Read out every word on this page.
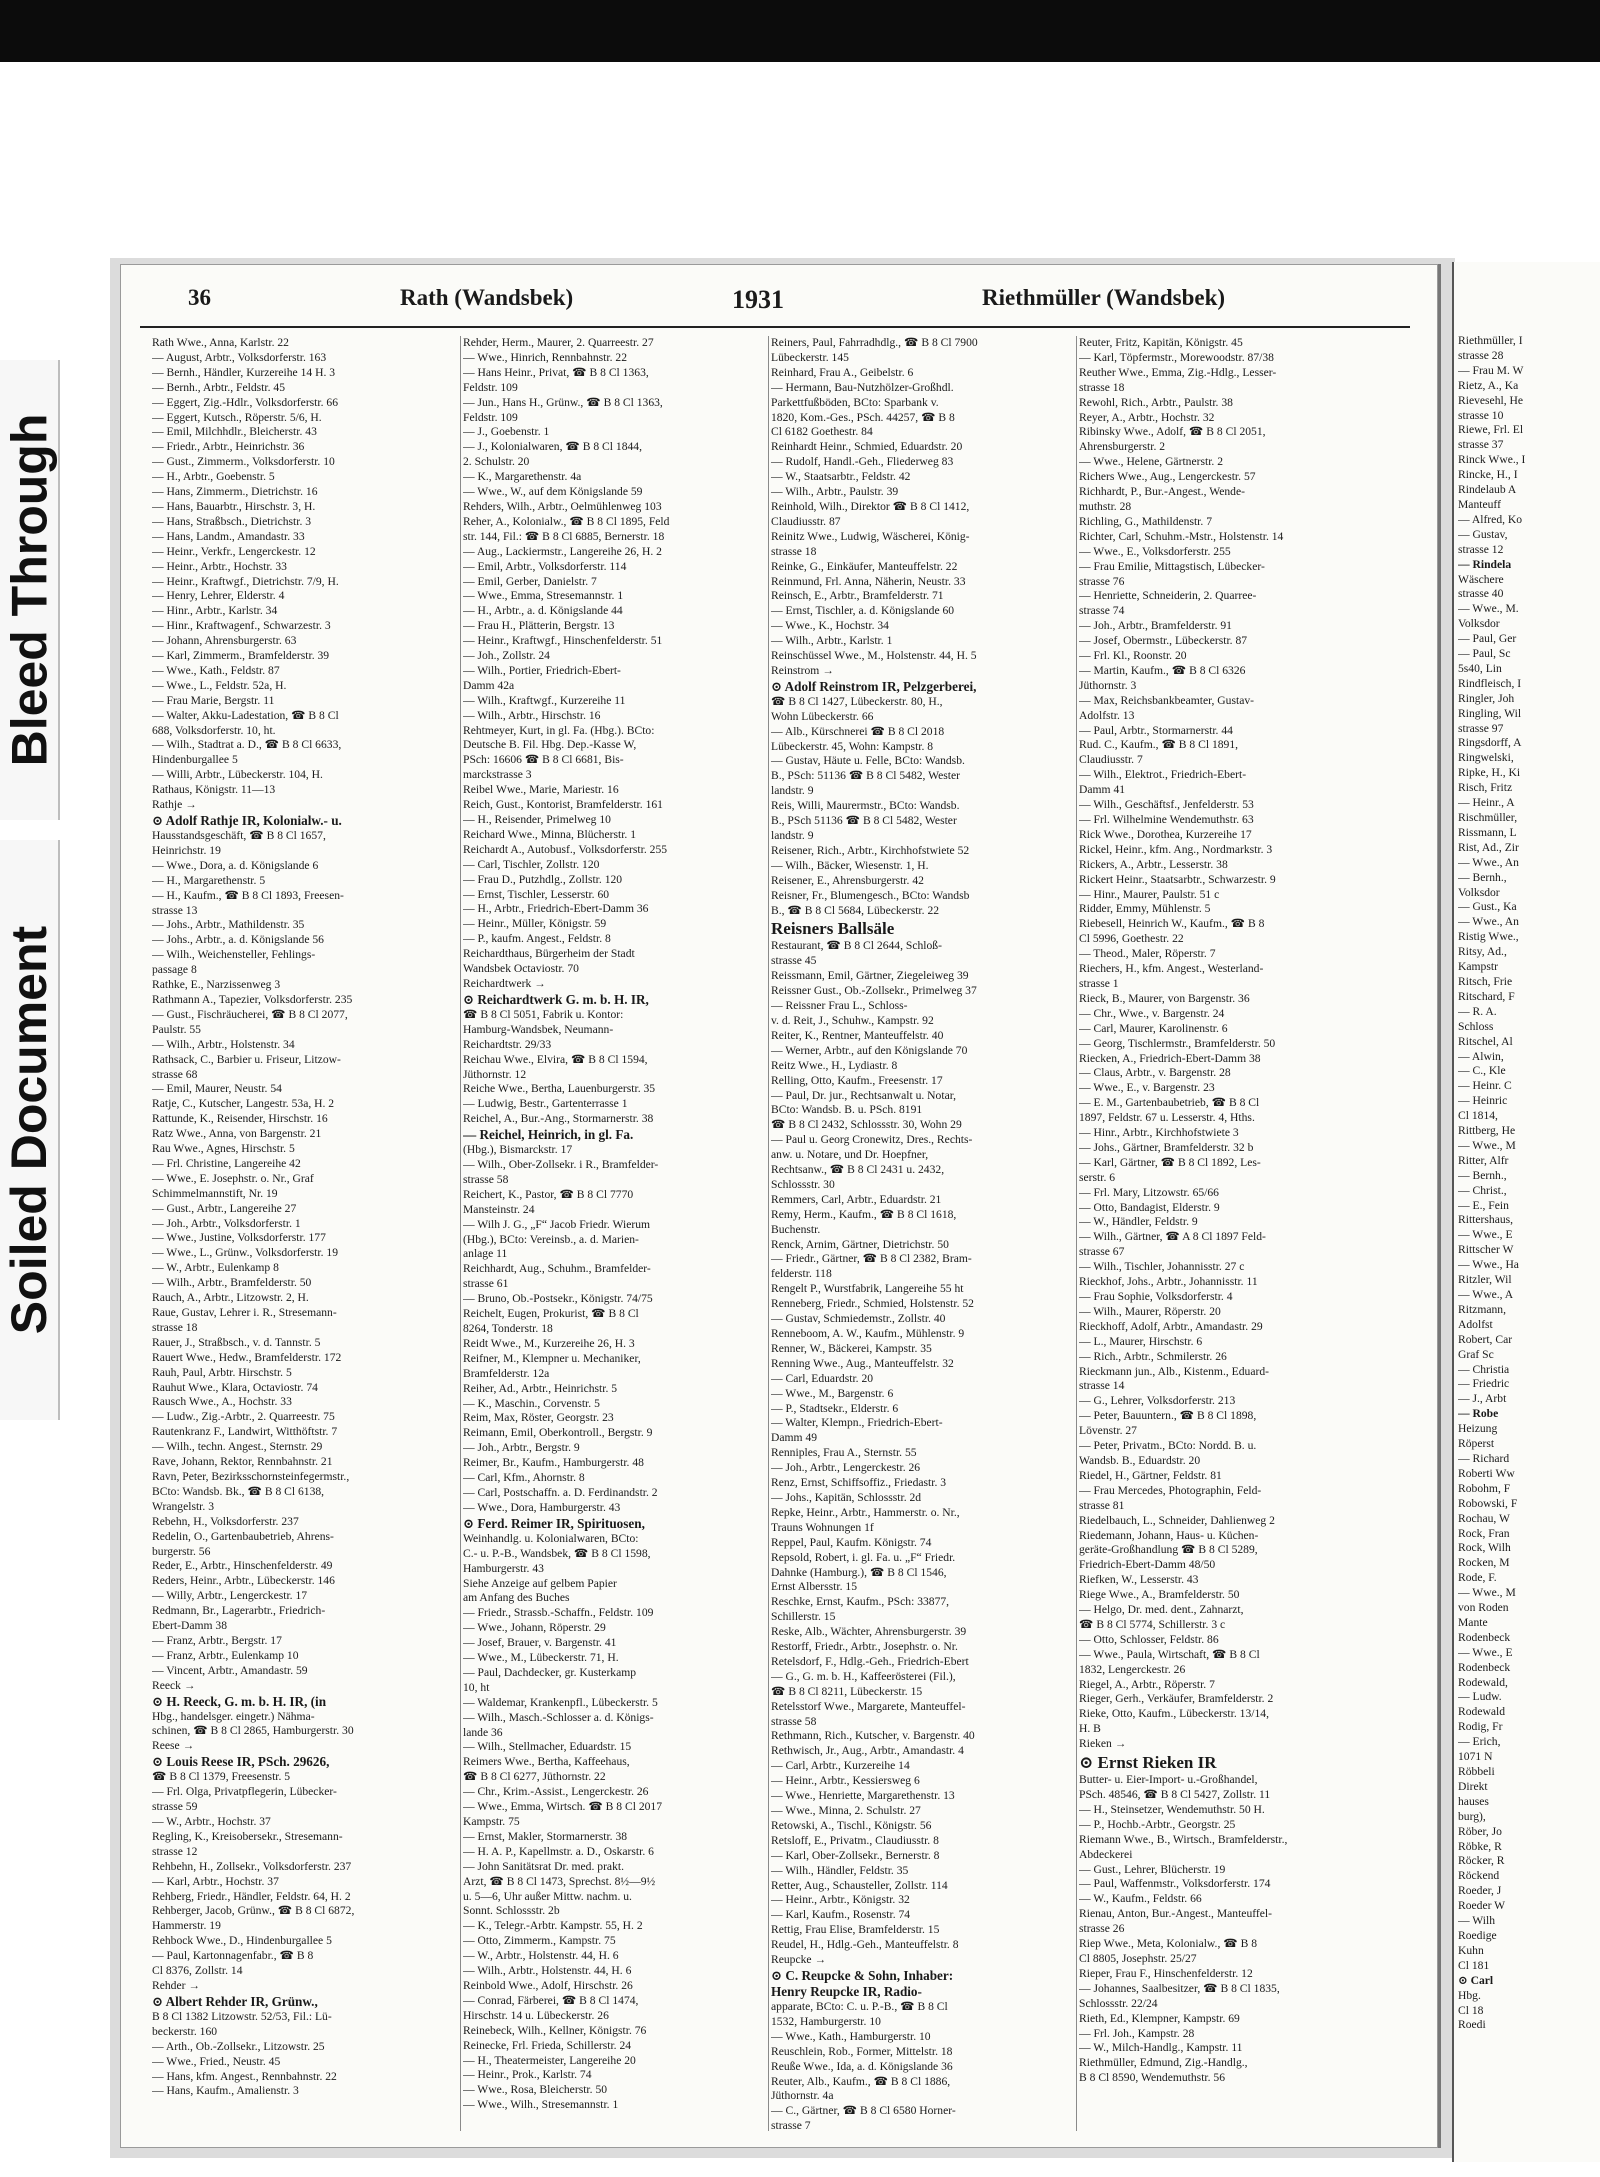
Bleed Through
Soiled Document
Riethmüller, I
strasse 28
— Frau M. W
Rietz, A., Ka
Rievesehl, He
strasse 10
Riewe, Frl. El
strasse 37
Rinck Wwe., I
Rincke, H., I
Rindelaub A
Manteuff
— Alfred, Ko
— Gustav,
strasse 12
— Rindela
Wäschere
strasse 40
— Wwe., M.
Volksdor
— Paul, Ger
— Paul, Sc
5s40, Lin
Rindfleisch, I
Ringler, Joh
Ringling, Wil
strasse 97
Ringsdorff, A
Ringwelski,
Ripke, H., Ki
Risch, Fritz
— Heinr., A
Rischmüller,
Rissmann, L
Rist, Ad., Zir
— Wwe., An
— Bernh.,
Volksdor
— Gust., Ka
— Wwe., An
Ristig Wwe.,
Ritsy, Ad.,
Kampstr
Ritsch, Frie
Ritschard, F
— R. A.
Schloss
Ritschel, Al
— Alwin,
— C., Kle
— Heinr. C
— Heinric
Cl 1814,
Rittberg, He
— Wwe., M
Ritter, Alfr
— Bernh.,
— Christ.,
— E., Fein
Rittershaus,
— Wwe., E
Rittscher W
— Wwe., Ha
Ritzler, Wil
— Wwe., A
Ritzmann,
Adolfst
Robert, Car
Graf Sc
— Christia
— Friedric
— J., Arbt
— Robe
Heizung
Röperst
— Richard
Roberti Ww
Robohm, F
Robowski, F
Rochau, W
Rock, Fran
Rock, Wilh
Rocken, M
Rode, F.
— Wwe., M
von Roden
Mante
Rodenbeck
— Wwe., E
Rodenbeck
Rodewald,
— Ludw.
Rodewald
Rodig, Fr
— Erich,
1071 N
Röbbeli
Direkt
hauses
burg),
Röber, Jo
Röbke, R
Röcker, R
Röckend
Roeder, J
Roeder W
— Wilh
Roedige
Kuhn
Cl 181
⊙ Carl
Hbg.
Cl 18
Roedi
36	Rath (Wandsbek)	1931	Riethmüller (Wandsbek)
Rath Wwe., Anna, Karlstr. 22
— August, Arbtr., Volksdorferstr. 163
— Bernh., Händler, Kurzereihe 14 H. 3
— Bernh., Arbtr., Feldstr. 45
— Eggert, Zig.-Hdlr., Volksdorferstr. 66
— Eggert, Kutsch., Röperstr. 5/6, H.
— Emil, Milchhdlr., Bleicherstr. 43
— Friedr., Arbtr., Heinrichstr. 36
— Gust., Zimmerm., Volksdorferstr. 10
— H., Arbtr., Goebenstr. 5
— Hans, Zimmerm., Dietrichstr. 16
— Hans, Bauarbtr., Hirschstr. 3, H.
— Hans, Straßbsch., Dietrichstr. 3
— Hans, Landm., Amandastr. 33
— Heinr., Verkfr., Lengerckestr. 12
— Heinr., Arbtr., Hochstr. 33
— Heinr., Kraftwgf., Dietrichstr. 7/9, H.
— Henry, Lehrer, Elderstr. 4
— Hinr., Arbtr., Karlstr. 34
— Hinr., Kraftwagenf., Schwarzestr. 3
— Johann, Ahrensburgerstr. 63
— Karl, Zimmerm., Bramfelderstr. 39
— Wwe., Kath., Feldstr. 87
— Wwe., L., Feldstr. 52a, H.
— Frau Marie, Bergstr. 11
— Walter, Akku-Ladestation, ☎ B 8 Cl
688, Volksdorferstr. 10, ht.
— Wilh., Stadtrat a. D., ☎ B 8 Cl 6633,
Hindenburgallee 5
— Willi, Arbtr., Lübeckerstr. 104, H.
Rathaus, Königstr. 11—13
Rathje →
⊙ Adolf Rathje IR, Kolonialw.- u.
Hausstandsgeschäft, ☎ B 8 Cl 1657,
Heinrichstr. 19
— Wwe., Dora, a. d. Königslande 6
— H., Margarethenstr. 5
— H., Kaufm., ☎ B 8 Cl 1893, Freesen-
strasse 13
— Johs., Arbtr., Mathildenstr. 35
— Johs., Arbtr., a. d. Königslande 56
— Wilh., Weichensteller, Fehlings-
passage 8
Rathke, E., Narzissenweg 3
Rathmann A., Tapezier, Volksdorferstr. 235
— Gust., Fischräucherei, ☎ B 8 Cl 2077,
Paulstr. 55
— Wilh., Arbtr., Holstenstr. 34
Rathsack, C., Barbier u. Friseur, Litzow-
strasse 68
— Emil, Maurer, Neustr. 54
Ratje, C., Kutscher, Langestr. 53a, H. 2
Rattunde, K., Reisender, Hirschstr. 16
Ratz Wwe., Anna, von Bargenstr. 21
Rau Wwe., Agnes, Hirschstr. 5
— Frl. Christine, Langereihe 42
— Wwe., E. Josephstr. o. Nr., Graf
Schimmelmannstift, Nr. 19
— Gust., Arbtr., Langereihe 27
— Joh., Arbtr., Volksdorferstr. 1
— Wwe., Justine, Volksdorferstr. 177
— Wwe., L., Grünw., Volksdorferstr. 19
— W., Arbtr., Eulenkamp 8
— Wilh., Arbtr., Bramfelderstr. 50
Rauch, A., Arbtr., Litzowstr. 2, H.
Raue, Gustav, Lehrer i. R., Stresemann-
strasse 18
Rauer, J., Straßbsch., v. d. Tannstr. 5
Rauert Wwe., Hedw., Bramfelderstr. 172
Rauh, Paul, Arbtr. Hirschstr. 5
Rauhut Wwe., Klara, Octaviostr. 74
Rausch Wwe., A., Hochstr. 33
— Ludw., Zig.-Arbtr., 2. Quarreestr. 75
Rautenkranz F., Landwirt, Witthöftstr. 7
— Wilh., techn. Angest., Sternstr. 29
Rave, Johann, Rektor, Rennbahnstr. 21
Ravn, Peter, Bezirksschornsteinfegermstr.,
BCto: Wandsb. Bk., ☎ B 8 Cl 6138,
Wrangelstr. 3
Rebehn, H., Volksdorferstr. 237
Redelin, O., Gartenbaubetrieb, Ahrens-
burgerstr. 56
Reder, E., Arbtr., Hinschenfelderstr. 49
Reders, Heinr., Arbtr., Lübeckerstr. 146
— Willy, Arbtr., Lengerckestr. 17
Redmann, Br., Lagerarbtr., Friedrich-
Ebert-Damm 38
— Franz, Arbtr., Bergstr. 17
— Franz, Arbtr., Eulenkamp 10
— Vincent, Arbtr., Amandastr. 59
Reeck →
⊙ H. Reeck, G. m. b. H. IR, (in
Hbg., handelsger. eingetr.) Nähma-
schinen, ☎ B 8 Cl 2865, Hamburgerstr. 30
Reese →
⊙ Louis Reese IR, PSch. 29626,
☎ B 8 Cl 1379, Freesenstr. 5
— Frl. Olga, Privatpflegerin, Lübecker-
strasse 59
— W., Arbtr., Hochstr. 37
Regling, K., Kreisobersekr., Stresemann-
strasse 12
Rehbehn, H., Zollsekr., Volksdorferstr. 237
— Karl, Arbtr., Hochstr. 37
Rehberg, Friedr., Händler, Feldstr. 64, H. 2
Rehberger, Jacob, Grünw., ☎ B 8 Cl 6872,
Hammerstr. 19
Rehbock Wwe., D., Hindenburgallee 5
— Paul, Kartonnagenfabr., ☎ B 8
Cl 8376, Zollstr. 14
Rehder →
⊙ Albert Rehder IR, Grünw.,
B 8 Cl 1382 Litzowstr. 52/53, Fil.: Lü-
beckerstr. 160
— Arth., Ob.-Zollsekr., Litzowstr. 25
— Wwe., Fried., Neustr. 45
— Hans, kfm. Angest., Rennbahnstr. 22
— Hans, Kaufm., Amalienstr. 3
Rehder, Herm., Maurer, 2. Quarreestr. 27
— Wwe., Hinrich, Rennbahnstr. 22
— Hans Heinr., Privat, ☎ B 8 Cl 1363,
Feldstr. 109
— Jun., Hans H., Grünw., ☎ B 8 Cl 1363,
Feldstr. 109
— J., Goebenstr. 1
— J., Kolonialwaren, ☎ B 8 Cl 1844,
2. Schulstr. 20
— K., Margarethenstr. 4a
— Wwe., W., auf dem Königslande 59
Rehders, Wilh., Arbtr., Oelmühlenweg 103
Reher, A., Kolonialw., ☎ B 8 Cl 1895, Feld
str. 144, Fil.: ☎ B 8 Cl 6885, Bernerstr. 18
— Aug., Lackiermstr., Langereihe 26, H. 2
— Emil, Arbtr., Volksdorferstr. 114
— Emil, Gerber, Danielstr. 7
— Wwe., Emma, Stresemannstr. 1
— H., Arbtr., a. d. Königslande 44
— Frau H., Plätterin, Bergstr. 13
— Heinr., Kraftwgf., Hinschenfelderstr. 51
— Joh., Zollstr. 24
— Wilh., Portier, Friedrich-Ebert-
Damm 42a
— Wilh., Kraftwgf., Kurzereihe 11
— Wilh., Arbtr., Hirschstr. 16
Rehtmeyer, Kurt, in gl. Fa. (Hbg.). BCto:
Deutsche B. Fil. Hbg. Dep.-Kasse W,
PSch: 16606 ☎ B 8 Cl 6681, Bis-
marckstrasse 3
Reibel Wwe., Marie, Mariestr. 16
Reich, Gust., Kontorist, Bramfelderstr. 161
— H., Reisender, Primelweg 10
Reichard Wwe., Minna, Blücherstr. 1
Reichardt A., Autobusf., Volksdorferstr. 255
— Carl, Tischler, Zollstr. 120
— Frau D., Putzhdlg., Zollstr. 120
— Ernst, Tischler, Lesserstr. 60
— H., Arbtr., Friedrich-Ebert-Damm 36
— Heinr., Müller, Königstr. 59
— P., kaufm. Angest., Feldstr. 8
Reichardthaus, Bürgerheim der Stadt
Wandsbek Octaviostr. 70
Reichardtwerk →
⊙ Reichardtwerk G. m. b. H. IR,
☎ B 8 Cl 5051, Fabrik u. Kontor:
Hamburg-Wandsbek, Neumann-
Reichardtstr. 29/33
Reichau Wwe., Elvira, ☎ B 8 Cl 1594,
Jüthornstr. 12
Reiche Wwe., Bertha, Lauenburgerstr. 35
— Ludwig, Bestr., Gartenterrasse 1
Reichel, A., Bur.-Ang., Stormarnerstr. 38
— Reichel, Heinrich, in gl. Fa.
(Hbg.), Bismarckstr. 17
— Wilh., Ober-Zollsekr. i R., Bramfelder-
strasse 58
Reichert, K., Pastor, ☎ B 8 Cl 7770
Mansteinstr. 24
— Wilh J. G., „F“ Jacob Friedr. Wierum
(Hbg.), BCto: Vereinsb., a. d. Marien-
anlage 11
Reichhardt, Aug., Schuhm., Bramfelder-
strasse 61
— Bruno, Ob.-Postsekr., Königstr. 74/75
Reichelt, Eugen, Prokurist, ☎ B 8 Cl
8264, Tonderstr. 18
Reidt Wwe., M., Kurzereihe 26, H. 3
Reifner, M., Klempner u. Mechaniker,
Bramfelderstr. 12a
Reiher, Ad., Arbtr., Heinrichstr. 5
— K., Maschin., Corvenstr. 5
Reim, Max, Röster, Georgstr. 23
Reimann, Emil, Oberkontroll., Bergstr. 9
— Joh., Arbtr., Bergstr. 9
Reimer, Br., Kaufm., Hamburgerstr. 48
— Carl, Kfm., Ahornstr. 8
— Carl, Postschaffn. a. D. Ferdinandstr. 2
— Wwe., Dora, Hamburgerstr. 43
⊙ Ferd. Reimer IR, Spirituosen,
Weinhandlg. u. Kolonialwaren, BCto:
C.- u. P.-B., Wandsbek, ☎ B 8 Cl 1598,
Hamburgerstr. 43
Siehe Anzeige auf gelbem Papier
am Anfang des Buches
— Friedr., Strassb.-Schaffn., Feldstr. 109
— Wwe., Johann, Röperstr. 29
— Josef, Brauer, v. Bargenstr. 41
— Wwe., M., Lübeckerstr. 71, H.
— Paul, Dachdecker, gr. Kusterkamp
10, ht
— Waldemar, Krankenpfl., Lübeckerstr. 5
— Wilh., Masch.-Schlosser a. d. Königs-
lande 36
— Wilh., Stellmacher, Eduardstr. 15
Reimers Wwe., Bertha, Kaffeehaus,
☎ B 8 Cl 6277, Jüthornstr. 22
— Chr., Krim.-Assist., Lengerckestr. 26
— Wwe., Emma, Wirtsch. ☎ B 8 Cl 2017
Kampstr. 75
— Ernst, Makler, Stormarnerstr. 38
— H. A. P., Kapellmstr. a. D., Oskarstr. 6
— John Sanitätsrat Dr. med. prakt.
Arzt, ☎ B 8 Cl 1473, Sprechst. 8½—9½
u. 5—6, Uhr außer Mittw. nachm. u.
Sonnt. Schlossstr. 2b
— K., Telegr.-Arbtr. Kampstr. 55, H. 2
— Otto, Zimmerm., Kampstr. 75
— W., Arbtr., Holstenstr. 44, H. 6
— Wilh., Arbtr., Holstenstr. 44, H. 6
Reinbold Wwe., Adolf, Hirschstr. 26
— Conrad, Färberei, ☎ B 8 Cl 1474,
Hirschstr. 14 u. Lübeckerstr. 26
Reinebeck, Wilh., Kellner, Königstr. 76
Reinecke, Frl. Frieda, Schillerstr. 24
— H., Theatermeister, Langereihe 20
— Heinr., Prok., Karlstr. 74
— Wwe., Rosa, Bleicherstr. 50
— Wwe., Wilh., Stresemannstr. 1
Reiners, Paul, Fahrradhdlg., ☎ B 8 Cl 7900
Lübeckerstr. 145
Reinhard, Frau A., Geibelstr. 6
— Hermann, Bau-Nutzhölzer-Großhdl.
Parkettfußböden, BCto: Sparbank v.
1820, Kom.-Ges., PSch. 44257, ☎ B 8
Cl 6182 Goethestr. 84
Reinhardt Heinr., Schmied, Eduardstr. 20
— Rudolf, Handl.-Geh., Fliederweg 83
— W., Staatsarbtr., Feldstr. 42
— Wilh., Arbtr., Paulstr. 39
Reinhold, Wilh., Direktor ☎ B 8 Cl 1412,
Claudiusstr. 87
Reinitz Wwe., Ludwig, Wäscherei, König-
strasse 18
Reinke, G., Einkäufer, Manteuffelstr. 22
Reinmund, Frl. Anna, Näherin, Neustr. 33
Reinsch, E., Arbtr., Bramfelderstr. 71
— Ernst, Tischler, a. d. Königslande 60
— Wwe., K., Hochstr. 34
— Wilh., Arbtr., Karlstr. 1
Reinschüssel Wwe., M., Holstenstr. 44, H. 5
Reinstrom →
⊙ Adolf Reinstrom IR, Pelzgerberei,
☎ B 8 Cl 1427, Lübeckerstr. 80, H.,
Wohn Lübeckerstr. 66
— Alb., Kürschnerei ☎ B 8 Cl 2018
Lübeckerstr. 45, Wohn: Kampstr. 8
— Gustav, Häute u. Felle, BCto: Wandsb.
B., PSch: 51136 ☎ B 8 Cl 5482, Wester
landstr. 9
Reis, Willi, Maurermstr., BCto: Wandsb.
B., PSch 51136 ☎ B 8 Cl 5482, Wester
landstr. 9
Reisener, Rich., Arbtr., Kirchhofstwiete 52
— Wilh., Bäcker, Wiesenstr. 1, H.
Reisener, E., Ahrensburgerstr. 42
Reisner, Fr., Blumengesch., BCto: Wandsb
B., ☎ B 8 Cl 5684, Lübeckerstr. 22
Reisners Ballsäle
Restaurant, ☎ B 8 Cl 2644, Schloß-
strasse 45
Reissmann, Emil, Gärtner, Ziegeleiweg 39
Reissner Gust., Ob.-Zollsekr., Primelweg 37
— Reissner Frau L., Schloss-
v. d. Reit, J., Schuhw., Kampstr. 92
Reiter, K., Rentner, Manteuffelstr. 40
— Werner, Arbtr., auf den Königslande 70
Reitz Wwe., H., Lydiastr. 8
Relling, Otto, Kaufm., Freesenstr. 17
— Paul, Dr. jur., Rechtsanwalt u. Notar,
BCto: Wandsb. B. u. PSch. 8191
☎ B 8 Cl 2432, Schlossstr. 30, Wohn 29
— Paul u. Georg Cronewitz, Dres., Rechts-
anw. u. Notare, und Dr. Hoepfner,
Rechtsanw., ☎ B 8 Cl 2431 u. 2432,
Schlossstr. 30
Remmers, Carl, Arbtr., Eduardstr. 21
Remy, Herm., Kaufm., ☎ B 8 Cl 1618,
Buchenstr.
Renck, Arnim, Gärtner, Dietrichstr. 50
— Friedr., Gärtner, ☎ B 8 Cl 2382, Bram-
felderstr. 118
Rengelt P., Wurstfabrik, Langereihe 55 ht
Renneberg, Friedr., Schmied, Holstenstr. 52
— Gustav, Schmiedemstr., Zollstr. 40
Renneboom, A. W., Kaufm., Mühlenstr. 9
Renner, W., Bäckerei, Kampstr. 35
Renning Wwe., Aug., Manteuffelstr. 32
— Carl, Eduardstr. 20
— Wwe., M., Bargenstr. 6
— P., Stadtsekr., Elderstr. 6
— Walter, Klempn., Friedrich-Ebert-
Damm 49
Renniples, Frau A., Sternstr. 55
— Joh., Arbtr., Lengerckestr. 26
Renz, Ernst, Schiffsoffiz., Friedastr. 3
— Johs., Kapitän, Schlossstr. 2d
Repke, Heinr., Arbtr., Hammerstr. o. Nr.,
Trauns Wohnungen 1f
Reppel, Paul, Kaufm. Königstr. 74
Repsold, Robert, i. gl. Fa. u. „F“ Friedr.
Dahnke (Hamburg.), ☎ B 8 Cl 1546,
Ernst Albersstr. 15
Reschke, Ernst, Kaufm., PSch: 33877,
Schillerstr. 15
Reske, Alb., Wächter, Ahrensburgerstr. 39
Restorff, Friedr., Arbtr., Josephstr. o. Nr.
Retelsdorf, F., Hdlg.-Geh., Friedrich-Ebert
— G., G. m. b. H., Kaffeerösterei (Fil.),
☎ B 8 Cl 8211, Lübeckerstr. 15
Retelsstorf Wwe., Margarete, Manteuffel-
strasse 58
Rethmann, Rich., Kutscher, v. Bargenstr. 40
Rethwisch, Jr., Aug., Arbtr., Amandastr. 4
— Carl, Arbtr., Kurzereihe 14
— Heinr., Arbtr., Kessiersweg 6
— Wwe., Henriette, Margarethenstr. 13
— Wwe., Minna, 2. Schulstr. 27
Retowski, A., Tischl., Königstr. 56
Retsloff, E., Privatm., Claudiusstr. 8
— Karl, Ober-Zollsekr., Bernerstr. 8
— Wilh., Händler, Feldstr. 35
Retter, Aug., Schausteller, Zollstr. 114
— Heinr., Arbtr., Königstr. 32
— Karl, Kaufm., Rosenstr. 74
Rettig, Frau Elise, Bramfelderstr. 15
Reudel, H., Hdlg.-Geh., Manteuffelstr. 8
Reupcke →
⊙ C. Reupcke & Sohn, Inhaber:
Henry Reupcke IR, Radio-
apparate, BCto: C. u. P.-B., ☎ B 8 Cl
1532, Hamburgerstr. 10
— Wwe., Kath., Hamburgerstr. 10
Reuschlein, Rob., Former, Mittelstr. 18
Reuße Wwe., Ida, a. d. Königslande 36
Reuter, Alb., Kaufm., ☎ B 8 Cl 1886,
Jüthornstr. 4a
— C., Gärtner, ☎ B 8 Cl 6580 Horner-
strasse 7
Reuter, Fritz, Kapitän, Königstr. 45
— Karl, Töpfermstr., Morewoodstr. 87/38
Reuther Wwe., Emma, Zig.-Hdlg., Lesser-
strasse 18
Rewohl, Rich., Arbtr., Paulstr. 38
Reyer, A., Arbtr., Hochstr. 32
Ribinsky Wwe., Adolf, ☎ B 8 Cl 2051,
Ahrensburgerstr. 2
— Wwe., Helene, Gärtnerstr. 2
Richers Wwe., Aug., Lengerckestr. 57
Richhardt, P., Bur.-Angest., Wende-
muthstr. 28
Richling, G., Mathildenstr. 7
Richter, Carl, Schuhm.-Mstr., Holstenstr. 14
— Wwe., E., Volksdorferstr. 255
— Frau Emilie, Mittagstisch, Lübecker-
strasse 76
— Henriette, Schneiderin, 2. Quarree-
strasse 74
— Joh., Arbtr., Bramfelderstr. 91
— Josef, Obermstr., Lübeckerstr. 87
— Frl. Kl., Roonstr. 20
— Martin, Kaufm., ☎ B 8 Cl 6326
Jüthornstr. 3
— Max, Reichsbankbeamter, Gustav-
Adolfstr. 13
— Paul, Arbtr., Stormarnerstr. 44
Rud. C., Kaufm., ☎ B 8 Cl 1891,
Claudiusstr. 7
— Wilh., Elektrot., Friedrich-Ebert-
Damm 41
— Wilh., Geschäftsf., Jenfelderstr. 53
— Frl. Wilhelmine Wendemuthstr. 63
Rick Wwe., Dorothea, Kurzereihe 17
Rickel, Heinr., kfm. Ang., Nordmarkstr. 3
Rickers, A., Arbtr., Lesserstr. 38
Rickert Heinr., Staatsarbtr., Schwarzestr. 9
— Hinr., Maurer, Paulstr. 51 c
Ridder, Emmy, Mühlenstr. 5
Riebesell, Heinrich W., Kaufm., ☎ B 8
Cl 5996, Goethestr. 22
— Theod., Maler, Röperstr. 7
Riechers, H., kfm. Angest., Westerland-
strasse 1
Rieck, B., Maurer, von Bargenstr. 36
— Chr., Wwe., v. Bargenstr. 24
— Carl, Maurer, Karolinenstr. 6
— Georg, Tischlermstr., Bramfelderstr. 50
Riecken, A., Friedrich-Ebert-Damm 38
— Claus, Arbtr., v. Bargenstr. 28
— Wwe., E., v. Bargenstr. 23
— E. M., Gartenbaubetrieb, ☎ B 8 Cl
1897, Feldstr. 67 u. Lesserstr. 4, Hths.
— Hinr., Arbtr., Kirchhofstwiete 3
— Johs., Gärtner, Bramfelderstr. 32 b
— Karl, Gärtner, ☎ B 8 Cl 1892, Les-
serstr. 6
— Frl. Mary, Litzowstr. 65/66
— Otto, Bandagist, Elderstr. 9
— W., Händler, Feldstr. 9
— Wilh., Gärtner, ☎ A 8 Cl 1897 Feld-
strasse 67
— Wilh., Tischler, Johannisstr. 27 c
Rieckhof, Johs., Arbtr., Johannisstr. 11
— Frau Sophie, Volksdorferstr. 4
— Wilh., Maurer, Röperstr. 20
Rieckhoff, Adolf, Arbtr., Amandastr. 29
— L., Maurer, Hirschstr. 6
— Rich., Arbtr., Schmilerstr. 26
Rieckmann jun., Alb., Kistenm., Eduard-
strasse 14
— G., Lehrer, Volksdorferstr. 213
— Peter, Bauuntern., ☎ B 8 Cl 1898,
Lövenstr. 27
— Peter, Privatm., BCto: Nordd. B. u.
Wandsb. B., Eduardstr. 20
Riedel, H., Gärtner, Feldstr. 81
— Frau Mercedes, Photographin, Feld-
strasse 81
Riedelbauch, L., Schneider, Dahlienweg 2
Riedemann, Johann, Haus- u. Küchen-
geräte-Großhandlung ☎ B 8 Cl 5289,
Friedrich-Ebert-Damm 48/50
Riefken, W., Lesserstr. 43
Riege Wwe., A., Bramfelderstr. 50
— Helgo, Dr. med. dent., Zahnarzt,
☎ B 8 Cl 5774, Schillerstr. 3 c
— Otto, Schlosser, Feldstr. 86
— Wwe., Paula, Wirtschaft, ☎ B 8 Cl
1832, Lengerckestr. 26
Riegel, A., Arbtr., Röperstr. 7
Rieger, Gerh., Verkäufer, Bramfelderstr. 2
Rieke, Otto, Kaufm., Lübeckerstr. 13/14,
H. B
Rieken →
⊙ Ernst Rieken IR
Butter- u. Eier-Import- u.-Großhandel,
PSch. 48546, ☎ B 8 Cl 5427, Zollstr. 11
— H., Steinsetzer, Wendemuthstr. 50 H.
— P., Hochb.-Arbtr., Georgstr. 25
Riemann Wwe., B., Wirtsch., Bramfelderstr.,
Abdeckerei
— Gust., Lehrer, Blücherstr. 19
— Paul, Waffenmstr., Volksdorferstr. 174
— W., Kaufm., Feldstr. 66
Rienau, Anton, Bur.-Angest., Manteuffel-
strasse 26
Riep Wwe., Meta, Kolonialw., ☎ B 8
Cl 8805, Josephstr. 25/27
Rieper, Frau F., Hinschenfelderstr. 12
— Johannes, Saalbesitzer, ☎ B 8 Cl 1835,
Schlossstr. 22/24
Rieth, Ed., Klempner, Kampstr. 69
— Frl. Joh., Kampstr. 28
— W., Milch-Handlg., Kampstr. 11
Riethmüller, Edmund, Zig.-Handlg.,
B 8 Cl 8590, Wendemuthstr. 56
